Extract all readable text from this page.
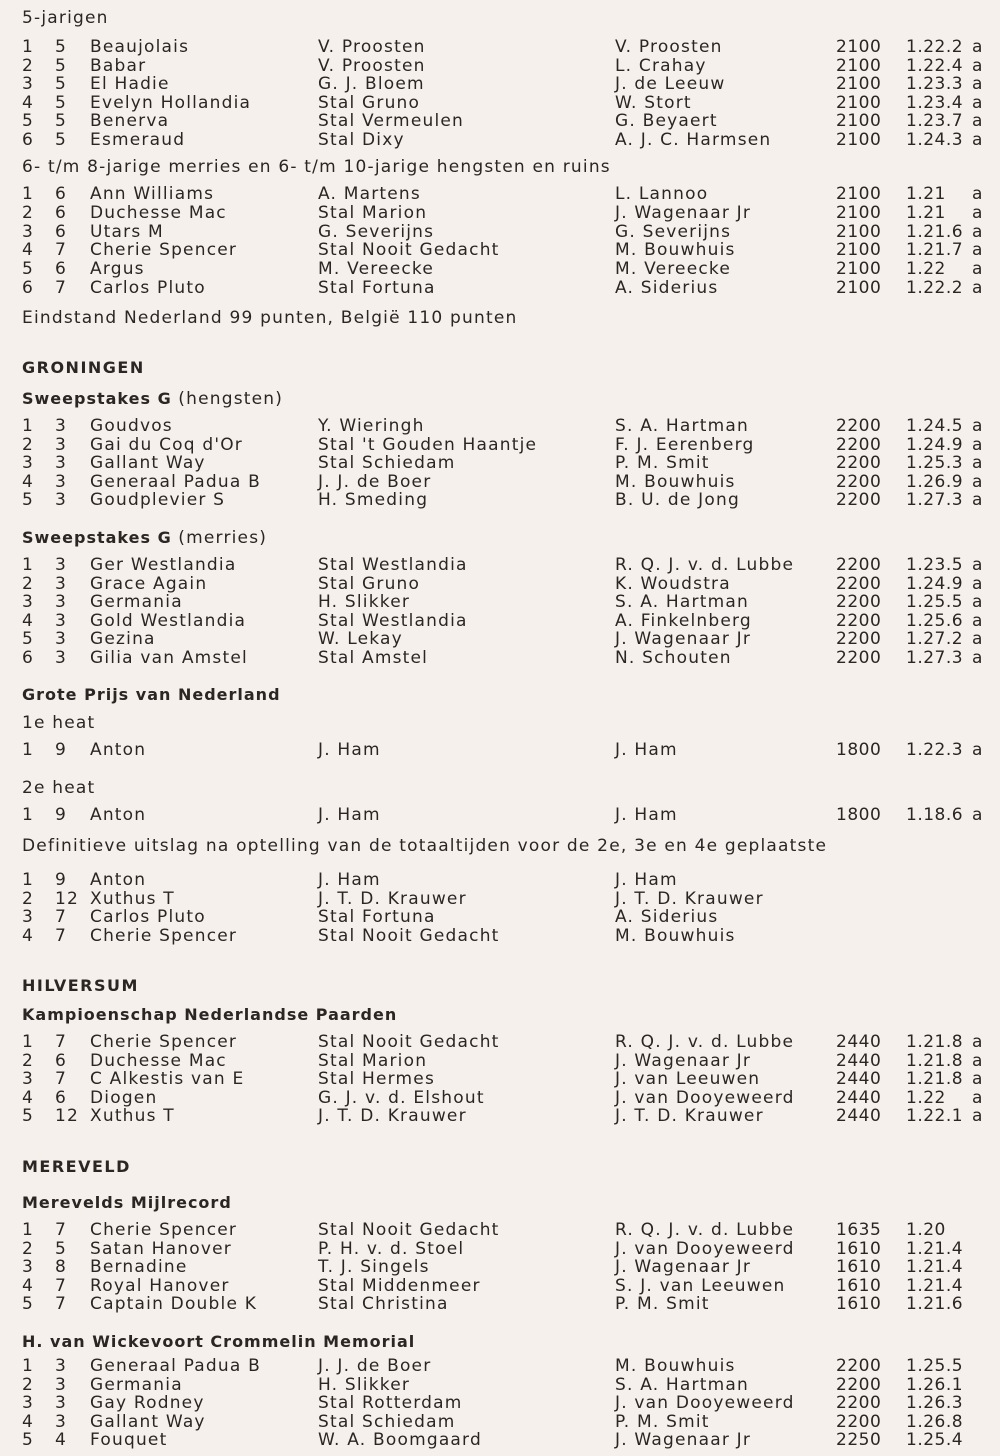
5-jarigen
1 5 Beaujolais	V. Proosten	V. Proosten	2100 1.22.2 a
2 5 Babar	V. Proosten	L. Crahay	2100 1.22.4 a
3 5 El Hadie	G. J. Bloem	J. de Leeuw	2100 1.23.3 a
4 5 Evelyn Hollandia	Stal Gruno	W. Stort	2100 1.23.4 a
5 5 Benerva	Stal Vermeulen	G. Beyaert	2100 1.23.7 a
6 5 Esmeraud	Stal Dixy	A. J. C. Harmsen	2100 1.24.3 a
6- t/m 8-jarige merries en 6- t/m 10-jarige hengsten en ruins
1 6 Ann Williams	A. Martens	L. Lannoo	2100 1.21 a
2 6 Duchesse Mac	Stal Marion	J. Wagenaar Jr	2100 1.21 a
3 6 Utars M	G. Severijns	G. Severijns	2100 1.21.6 a
4 7 Cherie Spencer	Stal Nooit Gedacht	M. Bouwhuis	2100 1.21.7 a
5 6 Argus	M. Vereecke	M. Vereecke	2100 1.22 a
6 7 Carlos Pluto	Stal Fortuna	A. Siderius	2100 1.22.2 a
Eindstand Nederland 99 punten, België 110 punten
GRONINGEN
Sweepstakes G (hengsten)
1 3 Goudvos	Y. Wieringh	S. A. Hartman	2200 1.24.5 a
2 3 Gai du Coq d'Or	Stal 't Gouden Haantje	F. J. Eerenberg	2200 1.24.9 a
3 3 Gallant Way	Stal Schiedam	P. M. Smit	2200 1.25.3 a
4 3 Generaal Padua B	J. J. de Boer	M. Bouwhuis	2200 1.26.9 a
5 3 Goudplevier S	H. Smeding	B. U. de Jong	2200 1.27.3 a
Sweepstakes G (merries)
1 3 Ger Westlandia	Stal Westlandia	R. Q. J. v. d. Lubbe 2200 1.23.5 a
2 3 Grace Again	Stal Gruno	K. Woudstra	2200 1.24.9 a
3 3 Germania	H. Slikker	S. A. Hartman	2200 1.25.5 a
4 3 Gold Westlandia	Stal Westlandia	A. Finkelnberg	2200 1.25.6 a
5 3 Gezina	W. Lekay	J. Wagenaar Jr	2200 1.27.2 a
6 3 Gilia van Amstel	Stal Amstel	N. Schouten	2200 1.27.3 a
Grote Prijs van Nederland
1e heat
1 9 Anton	J. Ham	J. Ham	1800 1.22.3 a
2e heat
1 9 Anton	J. Ham	J. Ham	1800 1.18.6 a
Definitieve uitslag na optelling van de totaaltijden voor de 2e, 3e en 4e geplaatste
1 9 Anton	J. Ham	J. Ham
2 12 Xuthus T	J. T. D. Krauwer	J. T. D. Krauwer
3 7 Carlos Pluto	Stal Fortuna	A. Siderius
4 7 Cherie Spencer	Stal Nooit Gedacht	M. Bouwhuis
HILVERSUM
Kampioenschap Nederlandse Paarden
1 7 Cherie Spencer	Stal Nooit Gedacht	R. Q. J. v. d. Lubbe 2440 1.21.8 a
2 6 Duchesse Mac	Stal Marion	J. Wagenaar Jr	2440 1.21.8 a
3 7 C Alkestis van E	Stal Hermes	J. van Leeuwen	2440 1.21.8 a
4 6 Diogen	G. J. v. d. Elshout	J. van Dooyeweerd 2440 1.22 a
5 12 Xuthus T	J. T. D. Krauwer	J. T. D. Krauwer	2440 1.22.1 a
MEREVELD
Merevelds Mijlrecord
1 7 Cherie Spencer	Stal Nooit Gedacht	R. Q. J. v. d. Lubbe 1635 1.20
2 5 Satan Hanover	P. H. v. d. Stoel	J. van Dooyeweerd 1610 1.21.4
3 8 Bernadine	T. J. Singels	J. Wagenaar Jr	1610 1.21.4
4 7 Royal Hanover	Stal Middenmeer	S. J. van Leeuwen	1610 1.21.4
5 7 Captain Double K	Stal Christina	P. M. Smit	1610 1.21.6
H. van Wickevoort Crommelin Memorial
1 3 Generaal Padua B	J. J. de Boer	M. Bouwhuis	2200 1.25.5
2 3 Germania	H. Slikker	S. A. Hartman	2200 1.26.1
3 3 Gay Rodney	Stal Rotterdam	J. van Dooyeweerd 2200 1.26.3
4 3 Gallant Way	Stal Schiedam	P. M. Smit	2200 1.26.8
5 4 Fouquet	W. A. Boomgaard	J. Wagenaar Jr	2250 1.25.4
